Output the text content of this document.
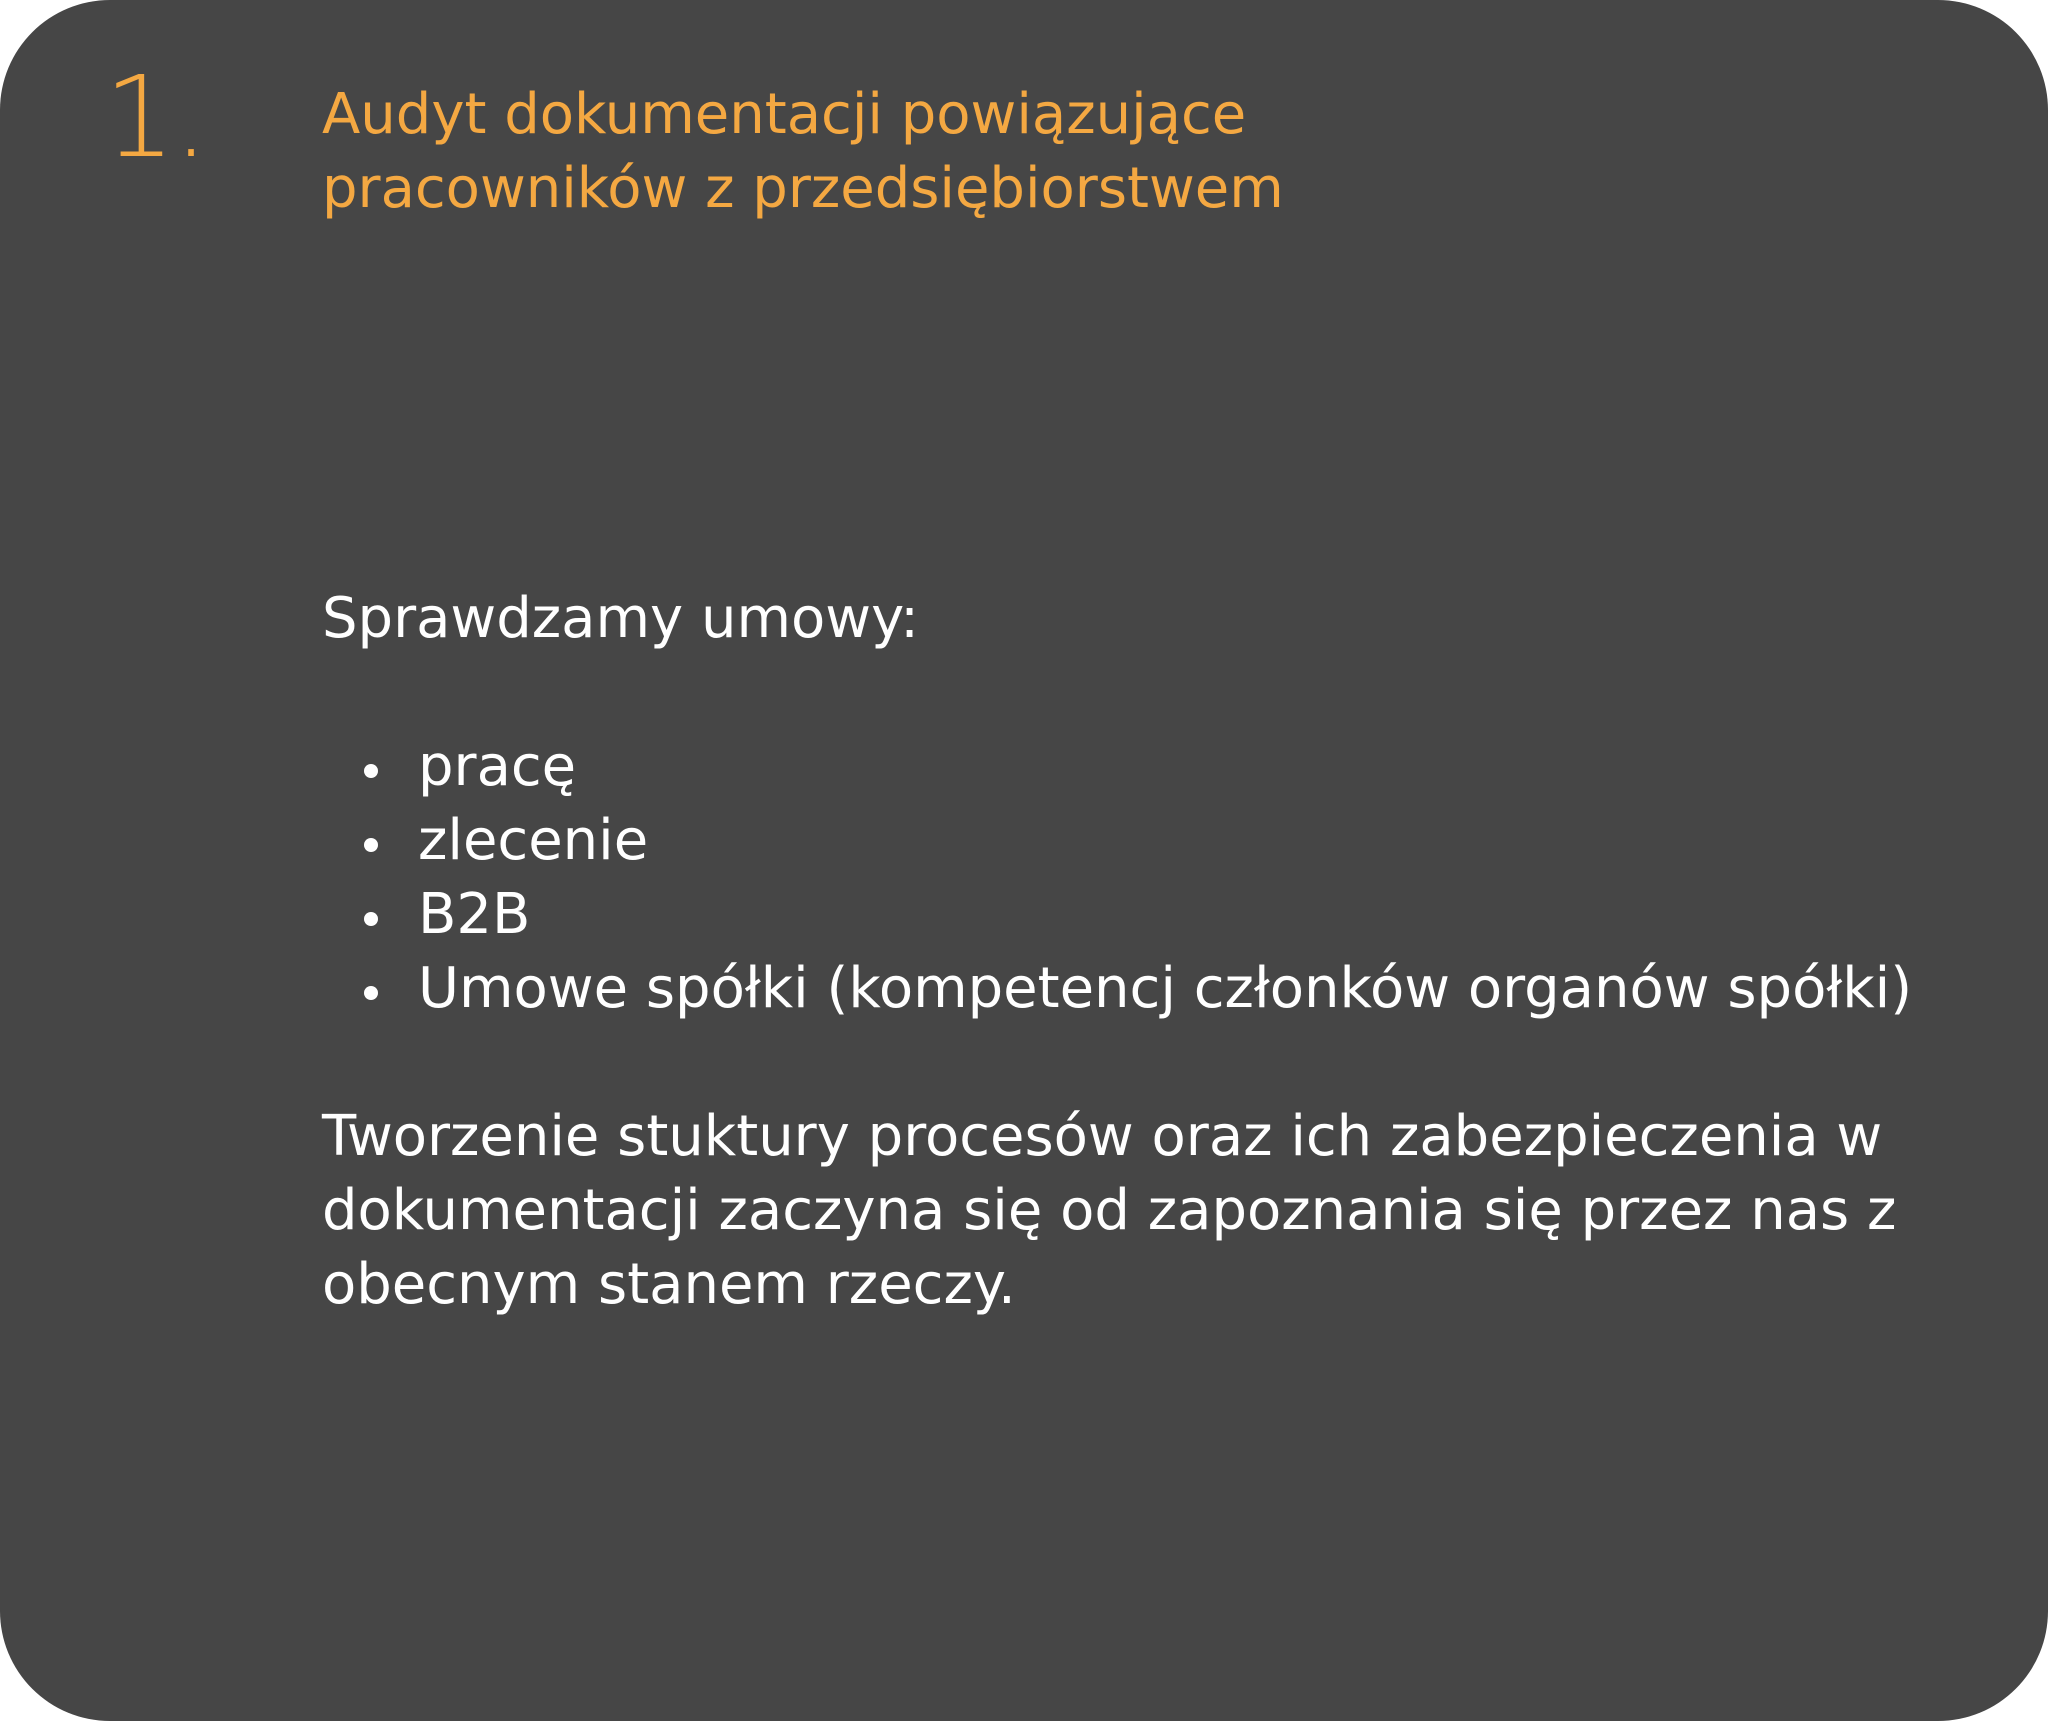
1. Audyt dokumentacji powiązujące
pracowników z przedsiębiorstwem
Sprawdzamy umowy:
pracę
zlecenie
B2B
Umowe spółki (kompetencj członków organów spółki)
Tworzenie stuktury procesów oraz ich zabezpieczenia w
dokumentacji zaczyna się od zapoznania się przez nas z
obecnym stanem rzeczy.
